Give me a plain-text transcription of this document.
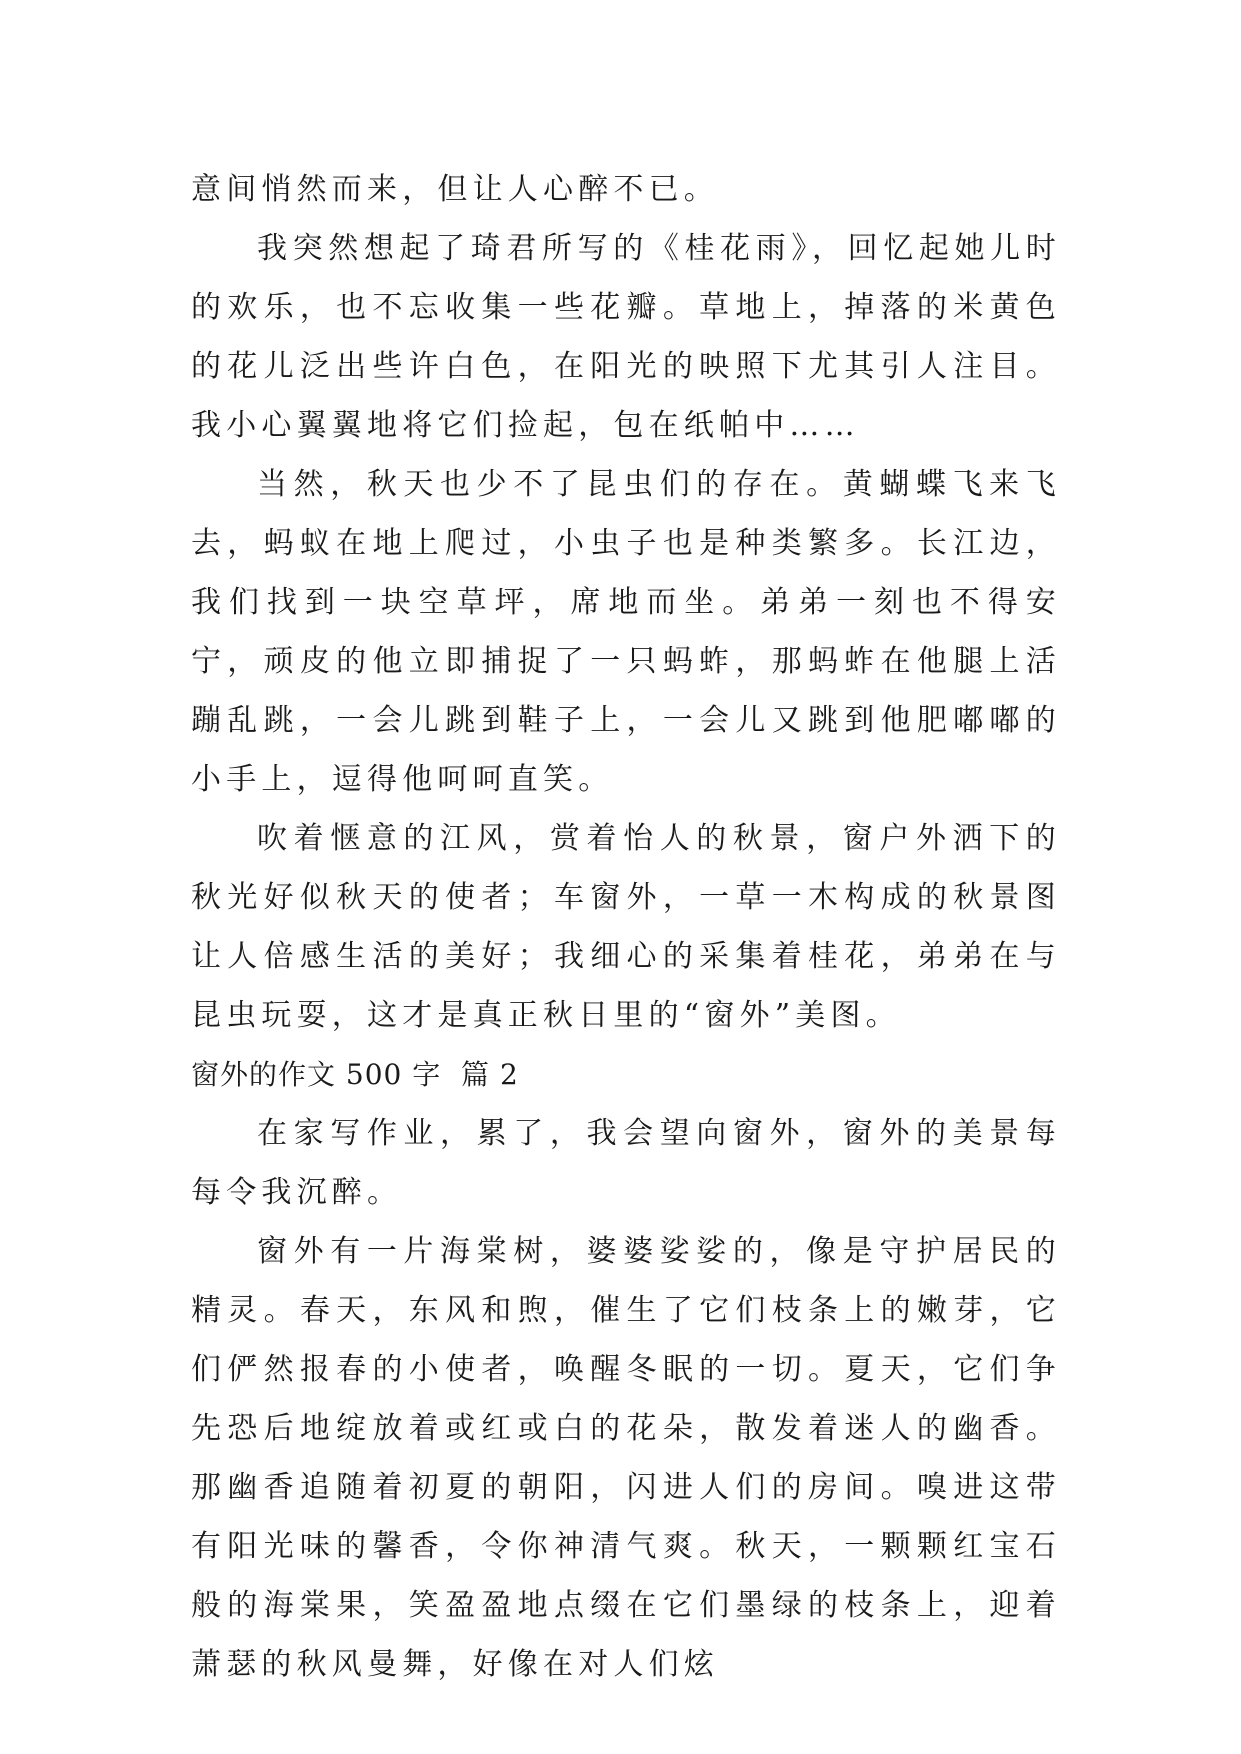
意间悄然而来，但让人心醉不已。

我突然想起了琦君所写的《桂花雨》，回忆起她儿时的欢乐，也不忘收集一些花瓣。草地上，掉落的米黄色的花儿泛出些许白色，在阳光的映照下尤其引人注目。我小心翼翼地将它们捡起，包在纸帕中……

当然，秋天也少不了昆虫们的存在。黄蝴蝶飞来飞去，蚂蚁在地上爬过，小虫子也是种类繁多。长江边，我们找到一块空草坪，席地而坐。弟弟一刻也不得安宁，顽皮的他立即捕捉了一只蚂蚱，那蚂蚱在他腿上活蹦乱跳，一会儿跳到鞋子上，一会儿又跳到他肥嘟嘟的小手上，逗得他呵呵直笑。

吹着惬意的江风，赏着怡人的秋景，窗户外洒下的秋光好似秋天的使者；车窗外，一草一木构成的秋景图让人倍感生活的美好；我细心的采集着桂花，弟弟在与昆虫玩耍，这才是真正秋日里的“窗外”美图。

窗外的作文 500 字  篇 2

在家写作业，累了，我会望向窗外，窗外的美景每每令我沉醉。

窗外有一片海棠树，婆婆娑娑的，像是守护居民的精灵。春天，东风和煦，催生了它们枝条上的嫩芽，它们俨然报春的小使者，唤醒冬眠的一切。夏天，它们争先恐后地绽放着或红或白的花朵，散发着迷人的幽香。那幽香追随着初夏的朝阳，闪进人们的房间。嗅进这带有阳光味的馨香，令你神清气爽。秋天，一颗颗红宝石般的海棠果，笑盈盈地点缀在它们墨绿的枝条上，迎着萧瑟的秋风曼舞，好像在对人们炫
